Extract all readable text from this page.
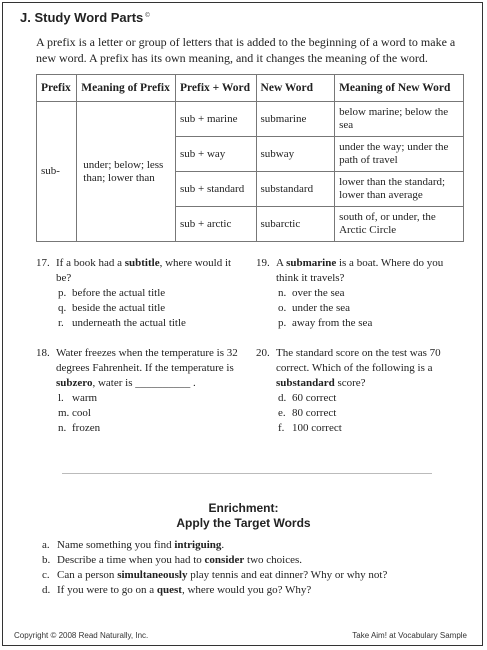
J. Study Word Parts ©
A prefix is a letter or group of letters that is added to the beginning of a word to make a new word. A prefix has its own meaning, and it changes the meaning of the word.
Prefix	Meaning of Prefix	Prefix + Word	New Word	Meaning of New Word
sub-	under; below; less than; lower than	sub + marine	submarine	below marine; below the sea
		sub + way	subway	under the way; under the path of travel
		sub + standard	substandard	lower than the standard; lower than average
		sub + arctic	subarctic	south of, or under, the Arctic Circle
17. If a book had a subtitle, where would it be?
p. before the actual title
q. beside the actual title
r. underneath the actual title
19. A submarine is a boat. Where do you think it travels?
n. over the sea
o. under the sea
p. away from the sea
18. Water freezes when the temperature is 32 degrees Fahrenheit. If the temperature is subzero, water is __________ .
l. warm
m. cool
n. frozen
20. The standard score on the test was 70 correct. Which of the following is a substandard score?
d. 60 correct
e. 80 correct
f. 100 correct
Enrichment:
Apply the Target Words
a. Name something you find intriguing.
b. Describe a time when you had to consider two choices.
c. Can a person simultaneously play tennis and eat dinner? Why or why not?
d. If you were to go on a quest, where would you go? Why?
Copyright © 2008 Read Naturally, Inc.	Take Aim! at Vocabulary Sample
